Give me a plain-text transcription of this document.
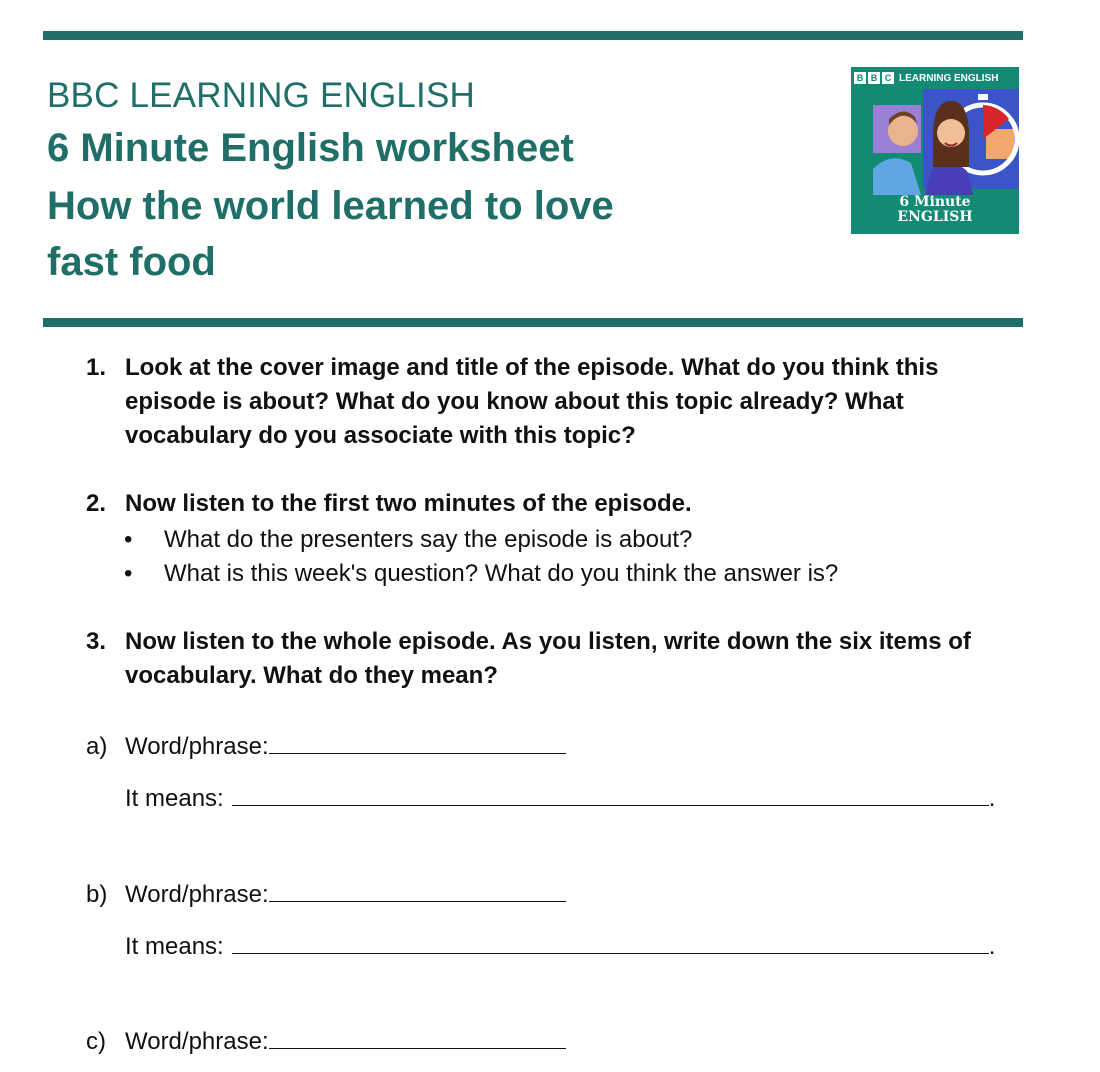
BBC LEARNING ENGLISH
6 Minute English worksheet
How the world learned to love
fast food
B B C LEARNING ENGLISH
6 Minute
ENGLISH
1. Look at the cover image and title of the episode. What do you think this episode is about? What do you know about this topic already? What vocabulary do you associate with this topic?
2. Now listen to the first two minutes of the episode.
• What do the presenters say the episode is about?
• What is this week's question? What do you think the answer is?
3. Now listen to the whole episode. As you listen, write down the six items of vocabulary. What do they mean?
a) Word/phrase:
It means:	.
b) Word/phrase:
It means:	.
c) Word/phrase:
